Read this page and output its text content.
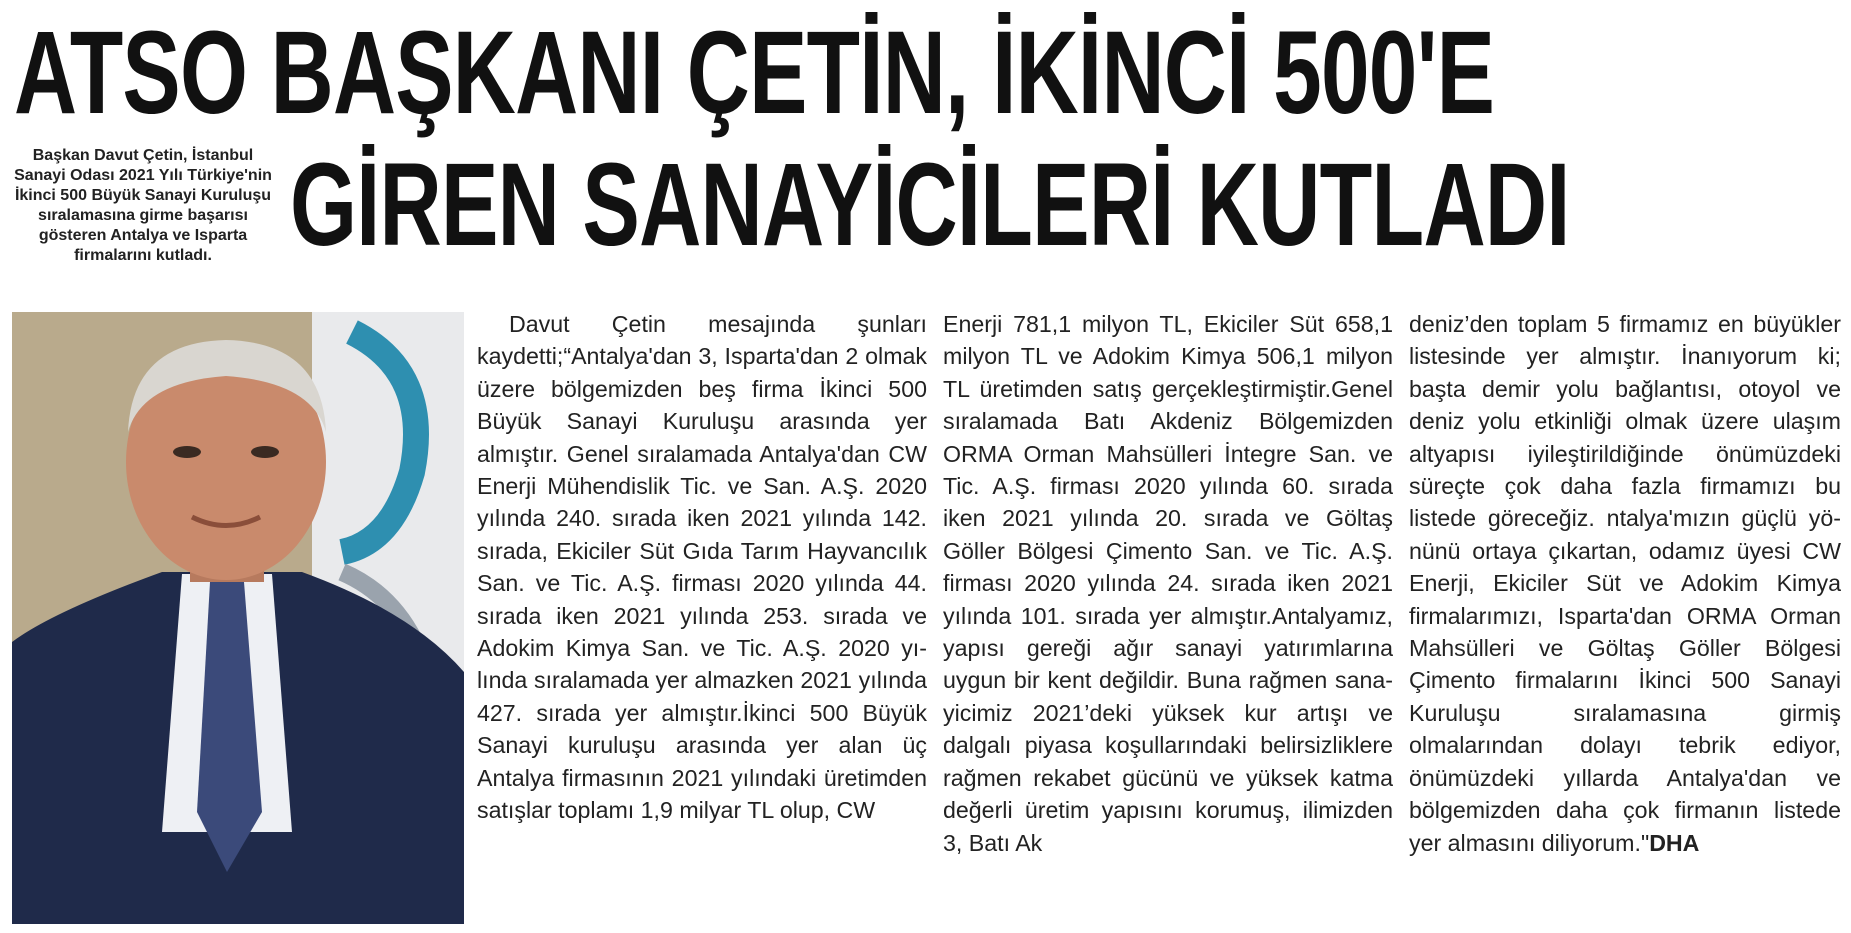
ATSO BAŞKANI ÇETİN, İKİNCİ 500'E
GİREN SANAYİCİLERİ KUTLADI
Başkan Davut Çetin, İstanbul Sanayi Odası 2021 Yılı Türkiye'nin İkinci 500 Büyük Sanayi Kuruluşu sıralamasına girme başarısı gösteren Antalya ve Isparta firmalarını kutladı.
Davut Çetin mesajında şunları kaydetti;“Antalya'dan 3, Isparta'dan 2 olmak üzere bölgemizden beş firma İkinci 500 Büyük Sanayi Kuruluşu arasında yer almıştır. Genel sıralamada Antalya'dan CW Enerji Mühendislik Tic. ve San. A.Ş. 2020 yılında 240. sırada iken 2021 yılında 142. sırada, Ekiciler Süt Gıda Tarım Hayvancılık San. ve Tic. A.Ş. firması 2020 yılında 44. sırada iken 2021 yılında 253. sırada ve Adokim Kimya San. ve Tic. A.Ş. 2020 yılında sıralamada yer almazken 2021 yılında 427. sırada yer almıştır.İkinci 500 Büyük Sanayi kuruluşu arasında yer alan üç Antalya firmasının 2021 yılındaki üretimden satışlar toplamı 1,9 milyar TL olup, CW
Enerji 781,1 milyon TL, Ekiciler Süt 658,1 milyon TL ve Adokim Kimya 506,1 milyon TL üretimden satış gerçekleştirmiştir.Genel sıralamada Batı Akdeniz Bölgemizden ORMA Orman Mahsülleri İntegre San. ve Tic. A.Ş. firması 2020 yılında 60. sırada iken 2021 yılında 20. sırada ve Göltaş Göller Bölgesi Çimento San. ve Tic. A.Ş. firması 2020 yılında 24. sırada iken 2021 yılında 101. sırada yer almıştır.Antalyamız, yapısı gereği ağır sanayi yatırımlarına uygun bir kent değildir. Buna rağmen sanayicimiz 2021’deki yüksek kur artışı ve dalgalı piyasa koşullarındaki belirsizliklere rağmen rekabet gücünü ve yüksek katma değerli üretim yapısını korumuş, ilimizden 3, Batı Ak
deniz’den toplam 5 firmamız en büyükler listesinde yer almıştır. İnanıyorum ki; başta demir yolu bağlantısı, otoyol ve deniz yolu etkinliği olmak üzere ulaşım altyapısı iyileştirildiğinde önümüzdeki süreçte çok daha fazla firmamızı bu listede göreceğiz. ntalya'mızın güçlü yönünü ortaya çıkartan, odamız üyesi CW Enerji, Ekiciler Süt ve Adokim Kimya firmalarımızı, Isparta'dan ORMA Orman Mahsülleri ve Göltaş Göller Bölgesi Çimento firmalarını İkinci 500 Sanayi Kuruluşu sıralamasına girmiş olmalarından dolayı tebrik ediyor, önümüzdeki yıllarda Antalya'dan ve bölgemizden daha çok firmanın listede yer almasını diliyorum."DHA
